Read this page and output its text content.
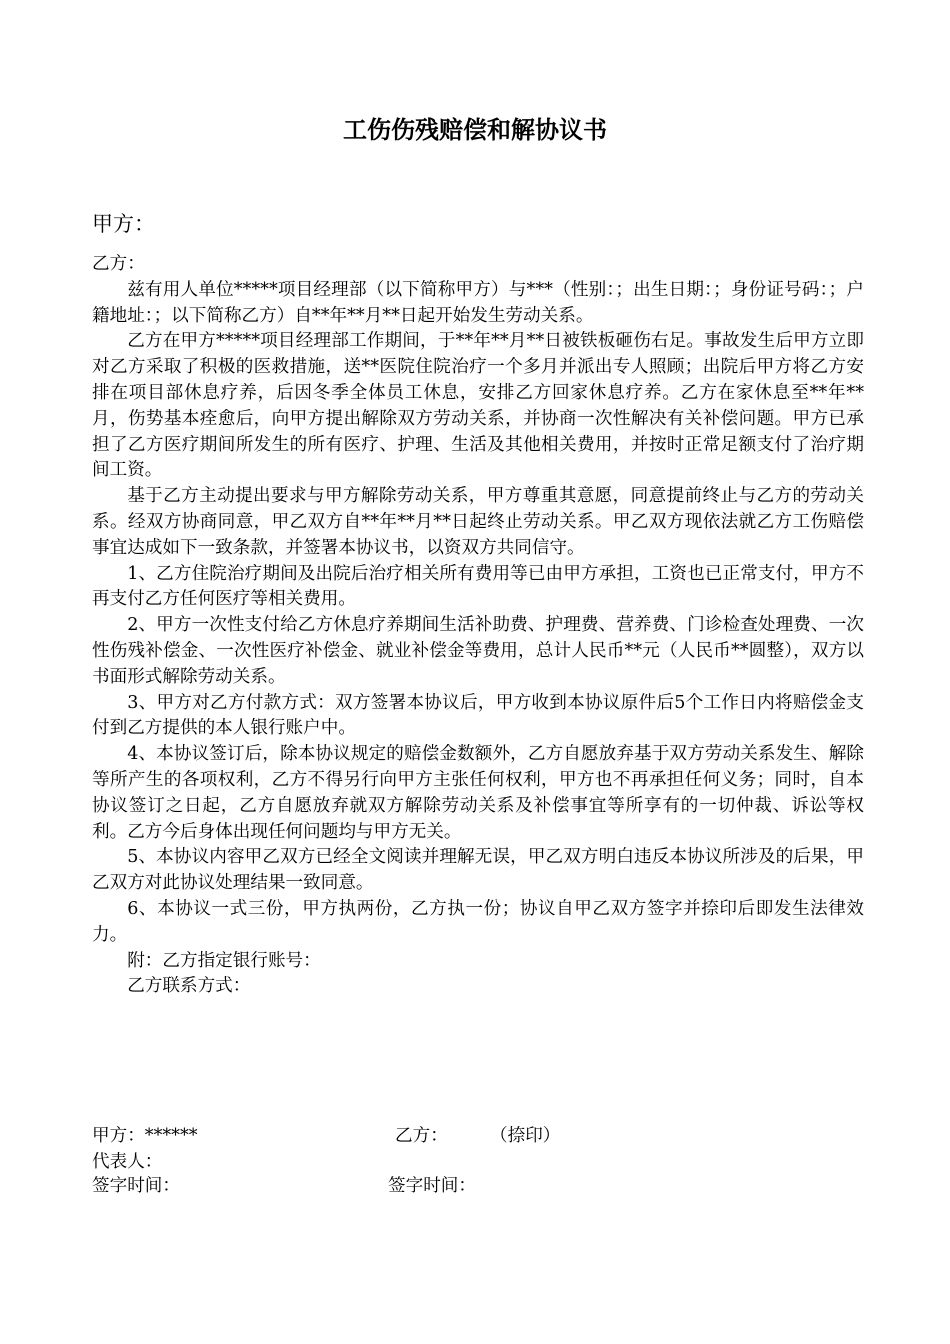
工伤伤残赔偿和解协议书
甲方：

乙方：

兹有用人单位*****项目经理部（以下简称甲方）与***（性别：；出生日期：；身份证号码：；户籍地址：；以下简称乙方）自**年**月**日起开始发生劳动关系。

乙方在甲方*****项目经理部工作期间，于**年**月**日被铁板砸伤右足。事故发生后甲方立即对乙方采取了积极的医救措施，送**医院住院治疗一个多月并派出专人照顾；出院后甲方将乙方安排在项目部休息疗养，后因冬季全体员工休息，安排乙方回家休息疗养。乙方在家休息至**年**月，伤势基本痊愈后，向甲方提出解除双方劳动关系，并协商一次性解决有关补偿问题。甲方已承担了乙方医疗期间所发生的所有医疗、护理、生活及其他相关费用，并按时正常足额支付了治疗期间工资。

基于乙方主动提出要求与甲方解除劳动关系，甲方尊重其意愿，同意提前终止与乙方的劳动关系。经双方协商同意，甲乙双方自**年**月**日起终止劳动关系。甲乙双方现依法就乙方工伤赔偿事宜达成如下一致条款，并签署本协议书，以资双方共同信守。

1、乙方住院治疗期间及出院后治疗相关所有费用等已由甲方承担，工资也已正常支付，甲方不再支付乙方任何医疗等相关费用。

2、甲方一次性支付给乙方休息疗养期间生活补助费、护理费、营养费、门诊检查处理费、一次性伤残补偿金、一次性医疗补偿金、就业补偿金等费用，总计人民币**元（人民币**圆整），双方以书面形式解除劳动关系。

3、甲方对乙方付款方式：双方签署本协议后，甲方收到本协议原件后5个工作日内将赔偿金支付到乙方提供的本人银行账户中。

4、本协议签订后，除本协议规定的赔偿金数额外，乙方自愿放弃基于双方劳动关系发生、解除等所产生的各项权利，乙方不得另行向甲方主张任何权利，甲方也不再承担任何义务；同时，自本协议签订之日起，乙方自愿放弃就双方解除劳动关系及补偿事宜等所享有的一切仲裁、诉讼等权利。乙方今后身体出现任何问题均与甲方无关。

5、本协议内容甲乙双方已经全文阅读并理解无误，甲乙双方明白违反本协议所涉及的后果，甲乙双方对此协议处理结果一致同意。

6、本协议一式三份，甲方执两份，乙方执一份；协议自甲乙双方签字并捺印后即发生法律效力。

附：乙方指定银行账号：

乙方联系方式：

甲方：******	乙方： （捺印）
代表人：
签字时间：	签字时间：
